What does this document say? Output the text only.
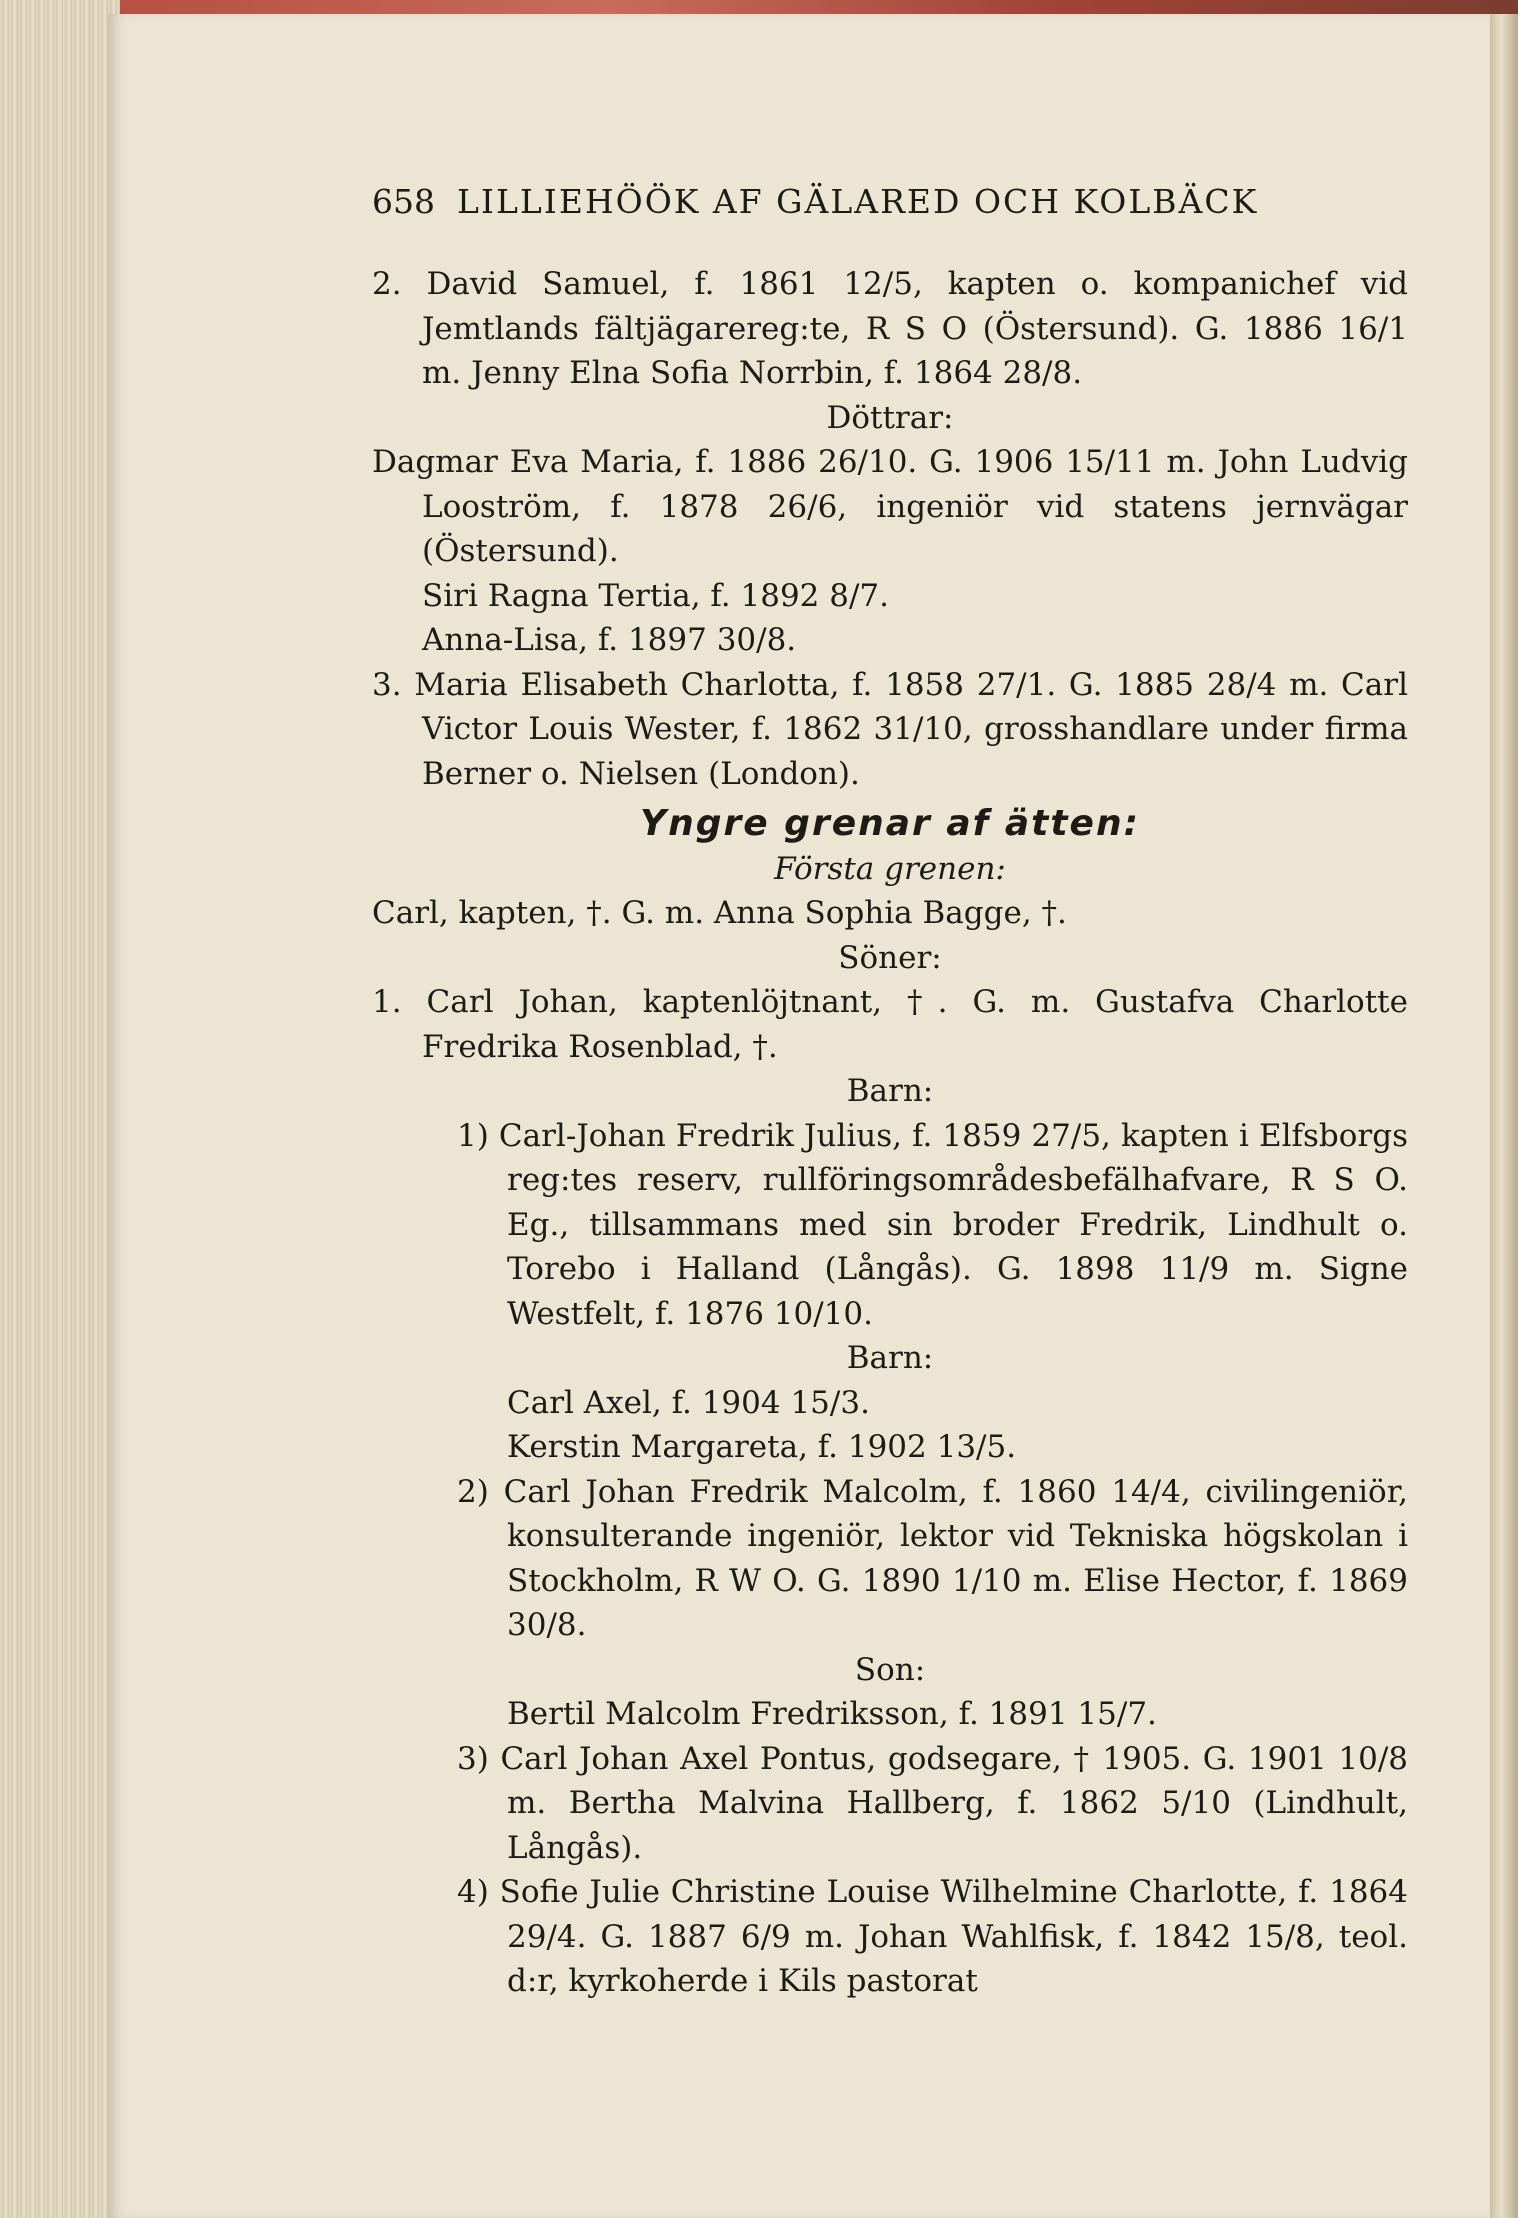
658 LILLIEHÖÖK AF GÄLARED OCH KOLBÄCK

2. David Samuel, f. 1861 12/5, kapten o. kompanichef vid Jemtlands fältjägarereg:te, R S O (Östersund). G. 1886 16/1 m. Jenny Elna Sofia Norrbin, f. 1864 28/8.

Döttrar:

Dagmar Eva Maria, f. 1886 26/10. G. 1906 15/11 m. John Ludvig Looström, f. 1878 26/6, ingeniör vid statens jernvägar (Östersund).

Siri Ragna Tertia, f. 1892 8/7.

Anna-Lisa, f. 1897 30/8.

3. Maria Elisabeth Charlotta, f. 1858 27/1. G. 1885 28/4 m. Carl Victor Louis Wester, f. 1862 31/10, grosshandlare under firma Berner o. Nielsen (London).

Yngre grenar af ätten:

Första grenen:

Carl, kapten, †. G. m. Anna Sophia Bagge, †.

Söner:

1. Carl Johan, kaptenlöjtnant, †. G. m. Gustafva Charlotte Fredrika Rosenblad, †.

Barn:

1) Carl-Johan Fredrik Julius, f. 1859 27/5, kapten i Elfsborgs reg:tes reserv, rullföringsområdesbefälhafvare, R S O. Eg., tillsammans med sin broder Fredrik, Lindhult o. Torebo i Halland (Långås). G. 1898 11/9 m. Signe Westfelt, f. 1876 10/10.

Barn:

Carl Axel, f. 1904 15/3.

Kerstin Margareta, f. 1902 13/5.

2) Carl Johan Fredrik Malcolm, f. 1860 14/4, civilingeniör, konsulterande ingeniör, lektor vid Tekniska högskolan i Stockholm, R W O. G. 1890 1/10 m. Elise Hector, f. 1869 30/8.

Son:

Bertil Malcolm Fredriksson, f. 1891 15/7.

3) Carl Johan Axel Pontus, godsegare, † 1905. G. 1901 10/8 m. Bertha Malvina Hallberg, f. 1862 5/10 (Lindhult, Långås).

4) Sofie Julie Christine Louise Wilhelmine Charlotte, f. 1864 29/4. G. 1887 6/9 m. Johan Wahlfisk, f. 1842 15/8, teol. d:r, kyrkoherde i Kils pastorat
